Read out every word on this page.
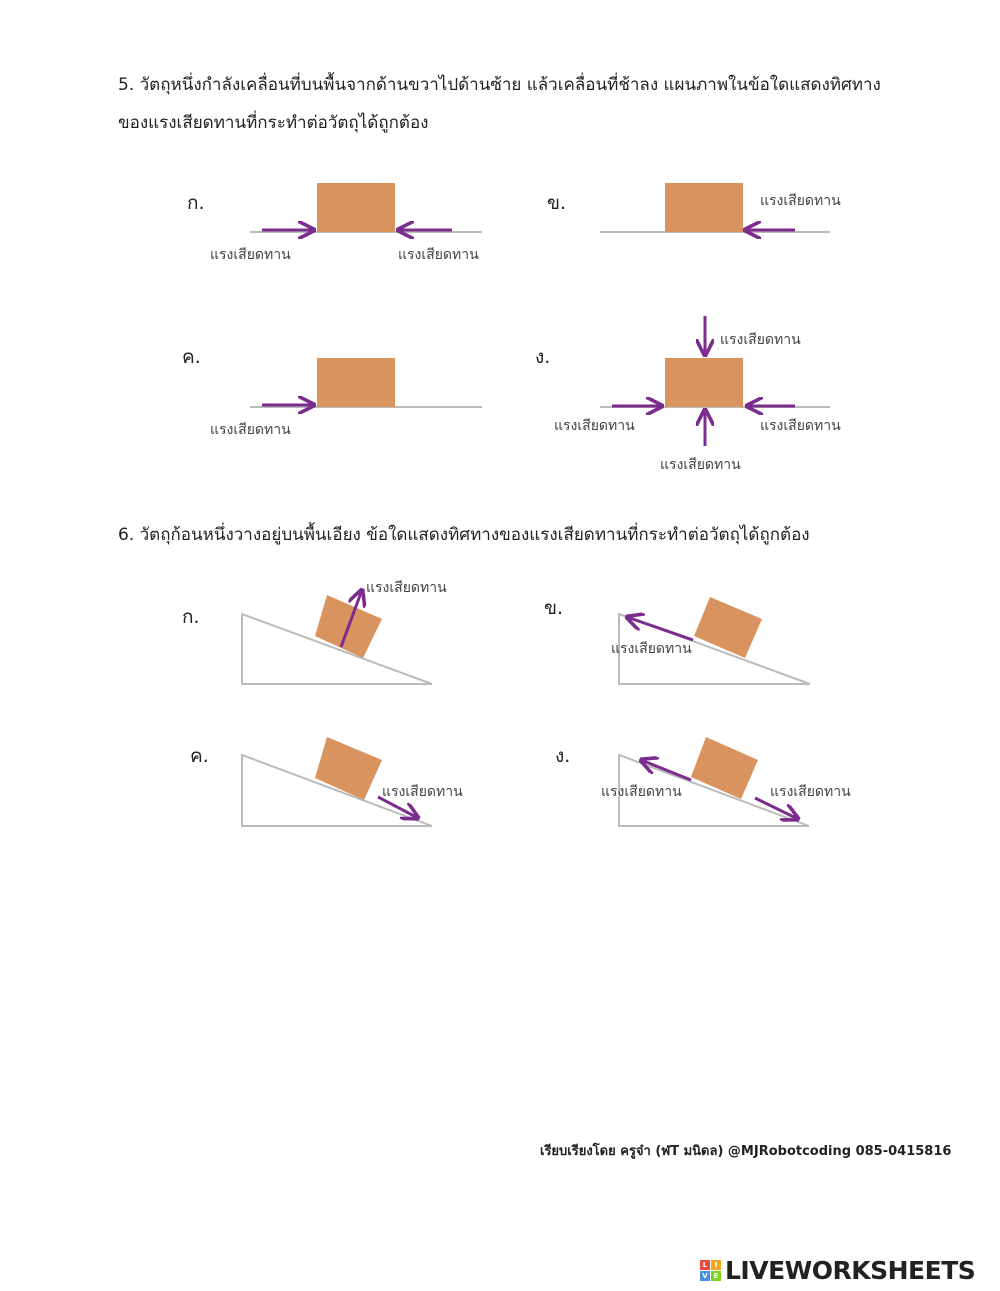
5. วัตถุหนึ่งกำลังเคลื่อนที่บนพื้นจากด้านขวาไปด้านซ้าย แล้วเคลื่อนที่ช้าลง แผนภาพในข้อใดแสดงทิศทาง
ของแรงเสียดทานที่กระทำต่อวัตถุได้ถูกต้อง
ก.	ข.
ค.	ง.
แรงเสียดทาน	แรงเสียดทาน
แรงเสียดทาน
แรงเสียดทาน
แรงเสียดทาน
แรงเสียดทาน	แรงเสียดทาน
แรงเสียดทาน
6. วัตถุก้อนหนึ่งวางอยู่บนพื้นเอียง ข้อใดแสดงทิศทางของแรงเสียดทานที่กระทำต่อวัตถุได้ถูกต้อง
ก.	ข.
ค.	ง.
แรงเสียดทาน
แรงเสียดทาน
แรงเสียดทาน	แรงเสียดทาน	แรงเสียดทาน
เรียบเรียงโดย ครูจ๋า (ฬT มนิดล) @MJRobotcoding 085-0415816
L	I
V E LIVEWORKSHEETS
